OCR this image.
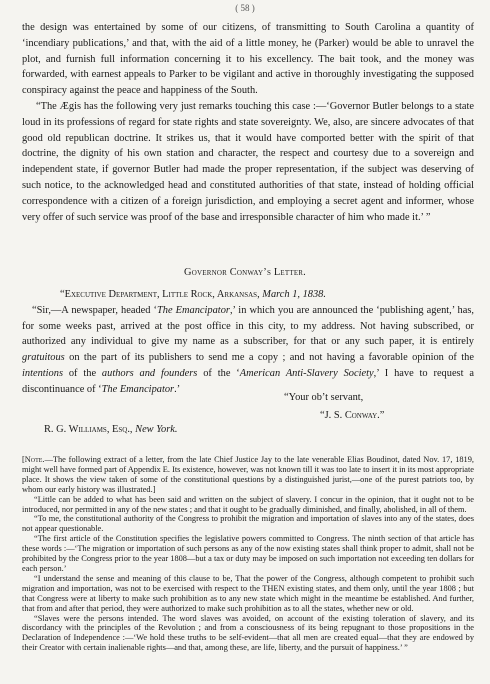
( 58 )
the design was entertained by some of our citizens, of transmitting to South Carolina a quantity of ‘incendiary publications,’ and that, with the aid of a little money, he (Parker) would be able to unravel the plot, and furnish full information concerning it to his excellency. The bait took, and the money was forwarded, with earnest appeals to Parker to be vigilant and active in thoroughly investigating the supposed conspiracy against the peace and happiness of the South.
“The Ægis has the following very just remarks touching this case :—‘Governor Butler belongs to a state loud in its professions of regard for state rights and state sovereignty. We, also, are sincere advocates of that good old republican doctrine. It strikes us, that it would have comported better with the spirit of that doctrine, the dignity of his own station and character, the respect and courtesy due to a sovereign and independent state, if governor Butler had made the proper representation, if the subject was deserving of such notice, to the acknowledged head and constituted authorities of that state, instead of holding official correspondence with a citizen of a foreign jurisdiction, and employing a secret agent and informer, whose very offer of such service was proof of the base and irresponsible character of him who made it.’ ”
Governor Conway’s Letter.
“Executive Department, Little Rock, Arkansas, March 1, 1838.
“Sir,—A newspaper, headed ‘The Emancipator,’ in which you are announced the ‘publishing agent,’ has, for some weeks past, arrived at the post office in this city, to my address. Not having subscribed, or authorized any individual to give my name as a subscriber, for that or any such paper, it is entirely gratuitous on the part of its publishers to send me a copy ; and not having a favorable opinion of the intentions of the authors and founders of the ‘American Anti-Slavery Society,’ I have to request a discontinuance of ‘The Emancipator.’
“Your ob’t servant,
“J. S. Conway.”
R. G. Williams, Esq., New York.

[Note.—The following extract of a letter, from the late Chief Justice Jay to the late venerable Elias Boudinot, dated Nov. 17, 1819, might well have formed part of Appendix E. Its existence, however, was not known till it was too late to insert it in its most appropriate place. It shows the view taken of some of the constitutional questions by a distinguished jurist,—one of the purest patriots too, by whom our early history was illustrated.]

“Little can be added to what has been said and written on the subject of slavery. I concur in the opinion, that it ought not to be introduced, nor permitted in any of the new states ; and that it ought to be gradually diminished, and finally, abolished, in all of them.

“To me, the constitutional authority of the Congress to prohibit the migration and importation of slaves into any of the states, does not appear questionable.

“The first article of the Constitution specifies the legislative powers committed to Congress. The ninth section of that article has these words :—‘The migration or importation of such persons as any of the now existing states shall think proper to admit, shall not be prohibited by the Congress prior to the year 1808—but a tax or duty may be imposed on such importation not exceeding ten dollars for each person.’

“I understand the sense and meaning of this clause to be, That the power of the Congress, although competent to prohibit such migration and importation, was not to be exercised with respect to the THEN existing states, and them only, until the year 1808 ; but that Congress were at liberty to make such prohibition as to any new state which might in the meantime be established. And further, that from and after that period, they were authorized to make such prohibition as to all the states, whether new or old.

“Slaves were the persons intended. The word slaves was avoided, on account of the existing toleration of slavery, and its discordancy with the principles of the Revolution ; and from a consciousness of its being repugnant to those propositions in the Declaration of Independence :—‘We hold these truths to be self-evident—that all men are created equal—that they are endowed by their Creator with certain inalienable rights—and that, among these, are life, liberty, and the pursuit of happiness.’ ”
